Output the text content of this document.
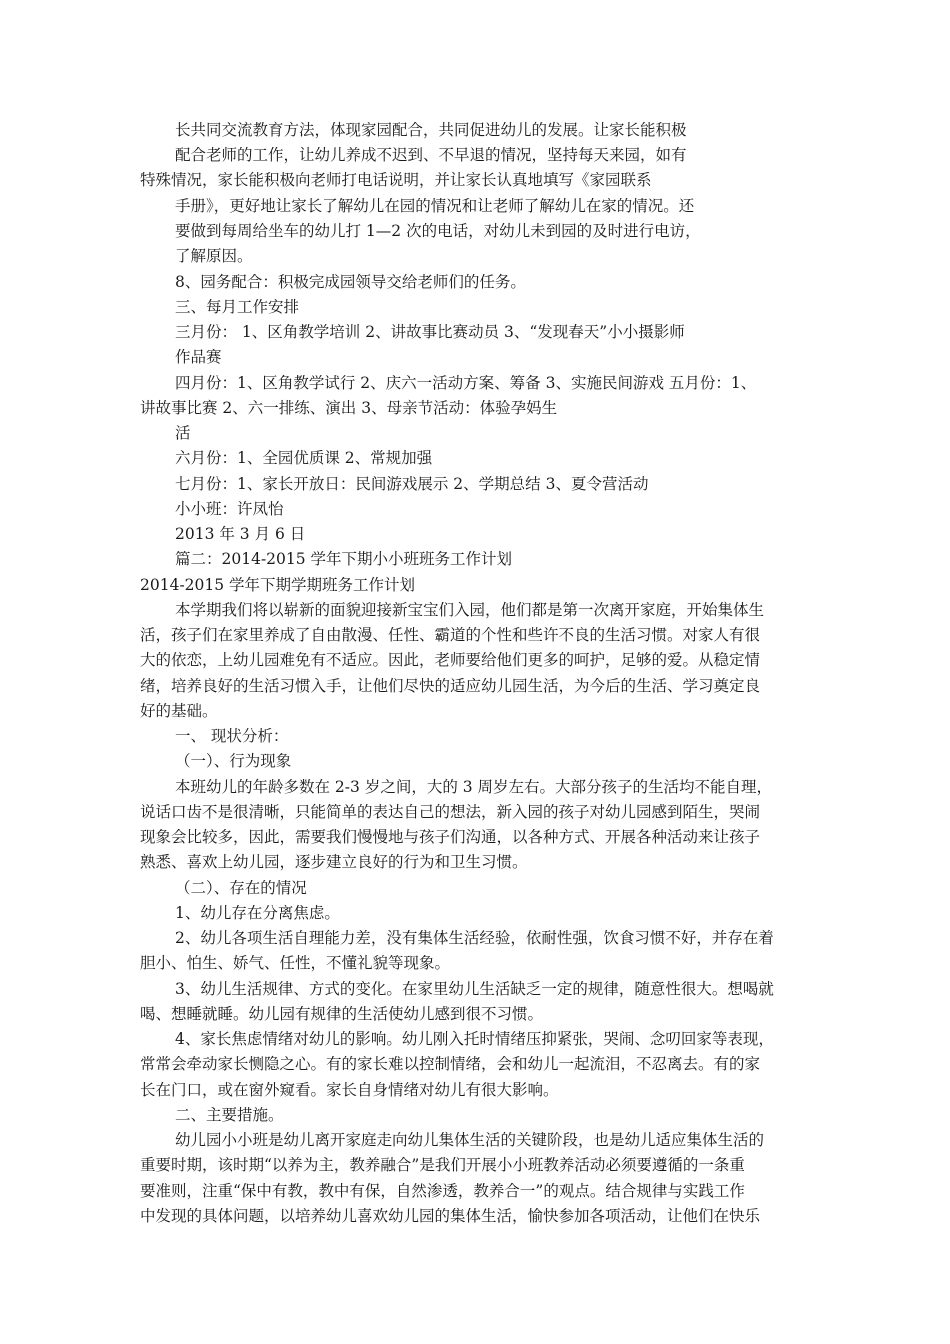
长共同交流教育方法，体现家园配合，共同促进幼儿的发展。让家长能积极
配合老师的工作，让幼儿养成不迟到、不早退的情况，坚持每天来园，如有
特殊情况，家长能积极向老师打电话说明，并让家长认真地填写《家园联系
手册》，更好地让家长了解幼儿在园的情况和让老师了解幼儿在家的情况。还
要做到每周给坐车的幼儿打 1—2 次的电话，对幼儿未到园的及时进行电访，
了解原因。
8、园务配合：积极完成园领导交给老师们的任务。
三、每月工作安排
三月份： 1、区角教学培训 2、讲故事比赛动员 3、“发现春天”小小摄影师
作品赛
四月份：1、区角教学试行 2、庆六一活动方案、筹备 3、实施民间游戏 五月份：1、
讲故事比赛 2、六一排练、演出 3、母亲节活动：体验孕妈生
活
六月份：1、全园优质课 2、常规加强
七月份：1、家长开放日：民间游戏展示 2、学期总结 3、夏令营活动
小小班：许凤怡
2013 年 3 月 6 日
篇二：2014-2015 学年下期小小班班务工作计划
2014-2015 学年下期学期班务工作计划
本学期我们将以崭新的面貌迎接新宝宝们入园，他们都是第一次离开家庭，开始集体生
活，孩子们在家里养成了自由散漫、任性、霸道的个性和些许不良的生活习惯。对家人有很
大的依恋，上幼儿园难免有不适应。因此，老师要给他们更多的呵护，足够的爱。从稳定情
绪，培养良好的生活习惯入手，让他们尽快的适应幼儿园生活，为今后的生活、学习奠定良
好的基础。
一、 现状分析：
（一）、行为现象
本班幼儿的年龄多数在 2-3 岁之间，大的 3 周岁左右。大部分孩子的生活均不能自理，
说话口齿不是很清晰，只能简单的表达自己的想法，新入园的孩子对幼儿园感到陌生，哭闹
现象会比较多，因此，需要我们慢慢地与孩子们沟通，以各种方式、开展各种活动来让孩子
熟悉、喜欢上幼儿园，逐步建立良好的行为和卫生习惯。
（二）、存在的情况
1、幼儿存在分离焦虑。
2、幼儿各项生活自理能力差，没有集体生活经验，依耐性强，饮食习惯不好，并存在着
胆小、怕生、娇气、任性，不懂礼貌等现象。
3、幼儿生活规律、方式的变化。在家里幼儿生活缺乏一定的规律，随意性很大。想喝就
喝、想睡就睡。幼儿园有规律的生活使幼儿感到很不习惯。
4、家长焦虑情绪对幼儿的影响。幼儿刚入托时情绪压抑紧张，哭闹、念叨回家等表现，
常常会牵动家长恻隐之心。有的家长难以控制情绪，会和幼儿一起流泪，不忍离去。有的家
长在门口，或在窗外窥看。家长自身情绪对幼儿有很大影响。
二、主要措施。
幼儿园小小班是幼儿离开家庭走向幼儿集体生活的关键阶段，也是幼儿适应集体生活的
重要时期，该时期“以养为主，教养融合”是我们开展小小班教养活动必须要遵循的一条重
要准则，注重“保中有教，教中有保，自然渗透，教养合一”的观点。结合规律与实践工作
中发现的具体问题，以培养幼儿喜欢幼儿园的集体生活，愉快参加各项活动，让他们在快乐
